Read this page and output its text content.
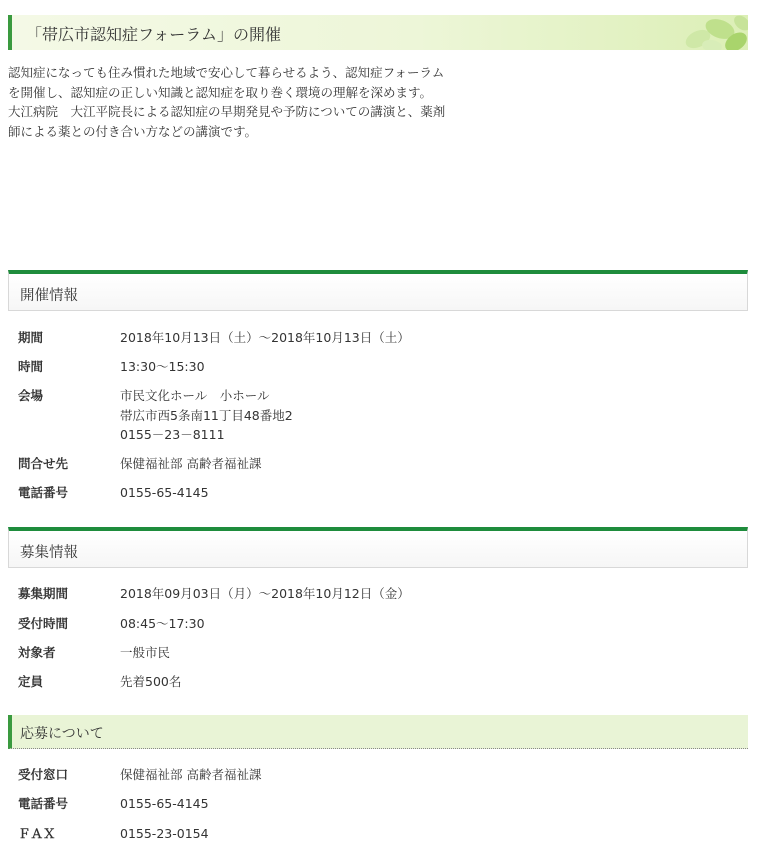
「帯広市認知症フォーラム」の開催

認知症になっても住み慣れた地域で安心して暮らせるよう、認知症フォーラム

を開催し、認知症の正しい知識と認知症を取り巻く環境の理解を深めます。

大江病院　大江平院長による認知症の早期発見や予防についての講演と、薬剤

師による薬との付き合い方などの講演です。

開催情報
期間	2018年10月13日（土）～2018年10月13日（土）
時間	13:30～15:30
会場	市民文化ホール　小ホール
帯広市西5条南11丁目48番地2
0155－23－8111
問合せ先	保健福祉部 高齢者福祉課
電話番号	0155-65-4145
募集情報
募集期間	2018年09月03日（月）～2018年10月12日（金）
受付時間	08:45～17:30
対象者	一般市民
定員	先着500名
応募について
受付窓口	保健福祉部 高齢者福祉課
電話番号	0155-65-4145
ＦＡＸ	0155-23-0154
